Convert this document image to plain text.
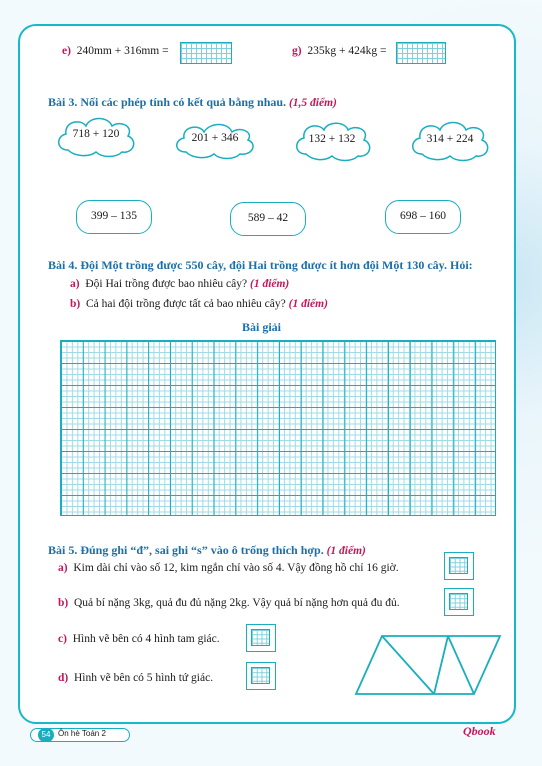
e) 240mm + 316mm =	g) 235kg + 424kg =
Bài 3. Nối các phép tính có kết quả bằng nhau. (1,5 điểm)
718 + 120	201 + 346	132 + 132	314 + 224
399 – 135	589 – 42	698 – 160
Bài 4. Đội Một trồng được 550 cây, đội Hai trồng được ít hơn đội Một 130 cây. Hỏi:
a) Đội Hai trồng được bao nhiêu cây? (1 điểm)
b) Cả hai đội trồng được tất cả bao nhiêu cây? (1 điểm)
Bài giải
Bài 5. Đúng ghi “đ”, sai ghi “s” vào ô trống thích hợp. (1 điểm)
a) Kim dài chỉ vào số 12, kim ngắn chỉ vào số 4. Vậy đồng hồ chỉ 16 giờ.
b) Quả bí nặng 3kg, quả đu đủ nặng 2kg. Vậy quả bí nặng hơn quả đu đủ.
c) Hình vẽ bên có 4 hình tam giác.
d) Hình vẽ bên có 5 hình tứ giác.
54 Ôn hè Toán 2	Qbook
